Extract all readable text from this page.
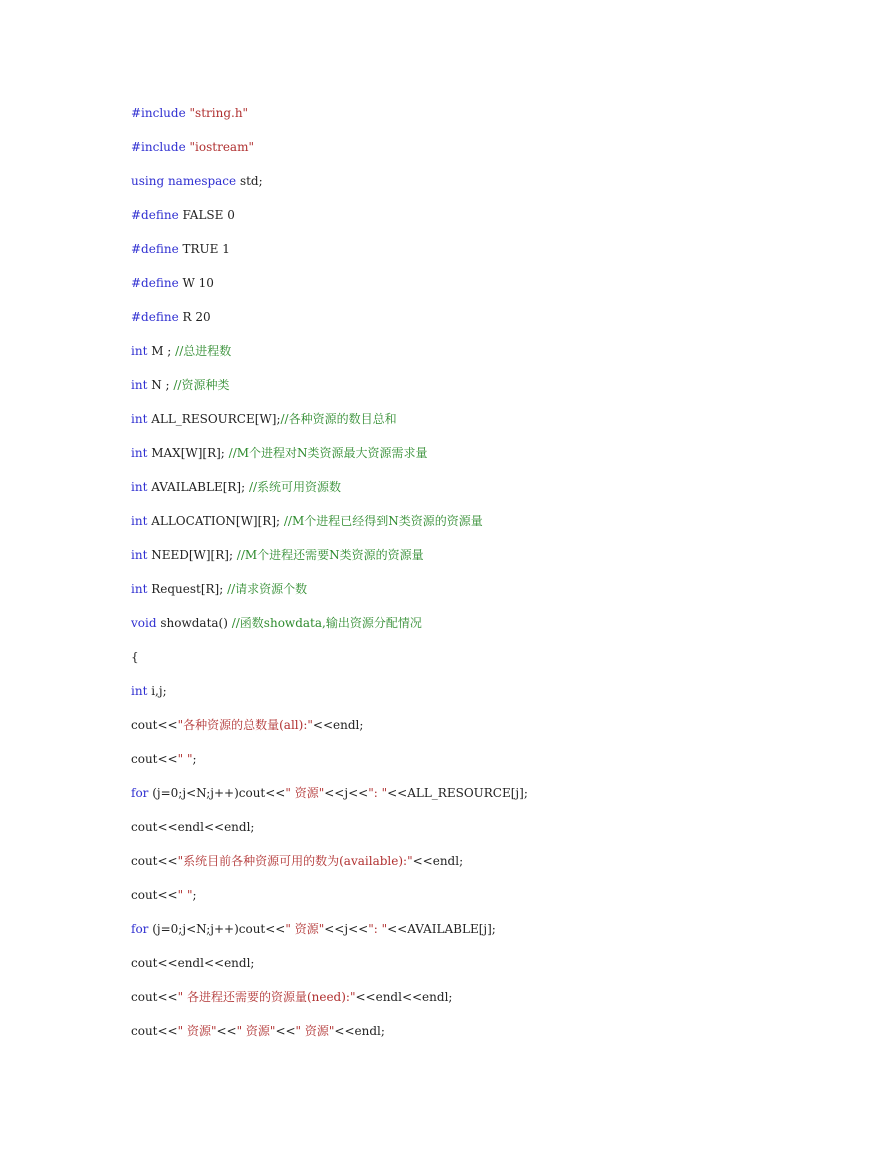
#include "string.h"
#include "iostream"
using namespace std;
#define FALSE 0
#define TRUE 1
#define W 10
#define R 20
int M ; //总进程数
int N ; //资源种类
int ALL_RESOURCE[W];//各种资源的数目总和
int MAX[W][R]; //M个进程对N类资源最大资源需求量
int AVAILABLE[R]; //系统可用资源数
int ALLOCATION[W][R]; //M个进程已经得到N类资源的资源量
int NEED[W][R]; //M个进程还需要N类资源的资源量
int Request[R]; //请求资源个数
void showdata() //函数showdata,输出资源分配情况
{
int i,j;
cout<<"各种资源的总数量(all):"<<endl;
cout<<" ";
for (j=0;j<N;j++)cout<<" 资源"<<j<<": "<<ALL_RESOURCE[j];
cout<<endl<<endl;
cout<<"系统目前各种资源可用的数为(available):"<<endl;
cout<<" ";
for (j=0;j<N;j++)cout<<" 资源"<<j<<": "<<AVAILABLE[j];
cout<<endl<<endl;
cout<<" 各进程还需要的资源量(need):"<<endl<<endl;
cout<<" 资源"<<" 资源"<<" 资源"<<endl;
